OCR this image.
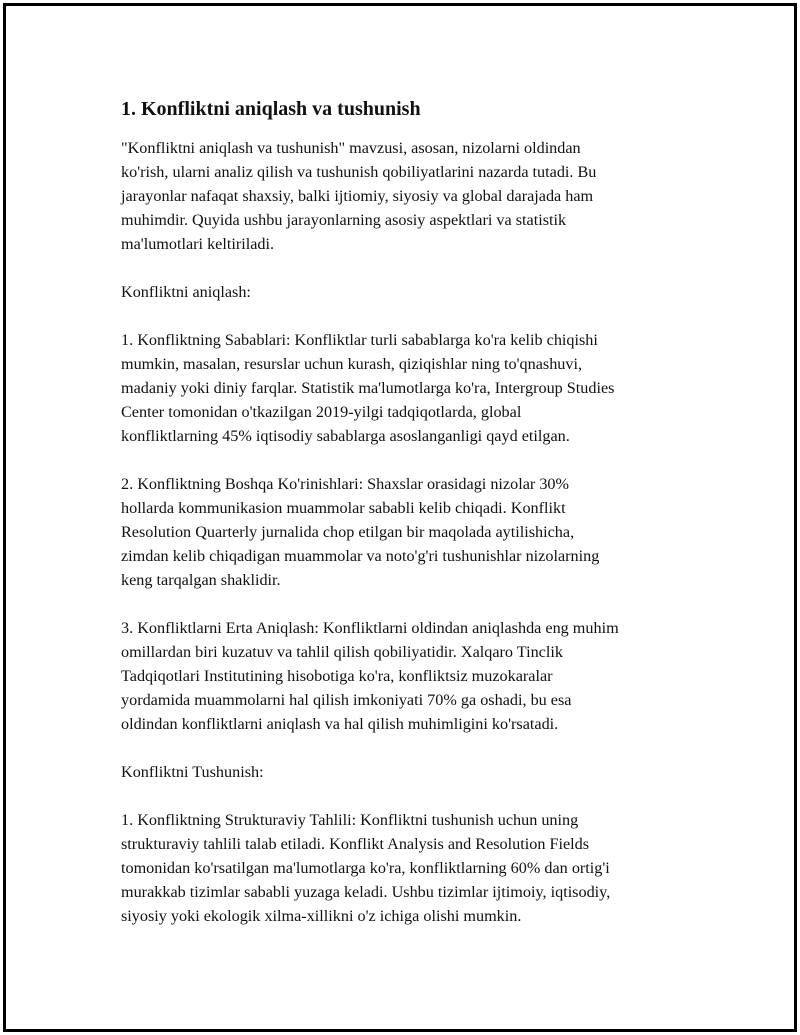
1. Konfliktni aniqlash va tushunish
"Konfliktni aniqlash va tushunish" mavzusi, asosan, nizolarni oldindan
ko'rish, ularni analiz qilish va tushunish qobiliyatlarini nazarda tutadi. Bu
jarayonlar nafaqat shaxsiy, balki ijtiomiy, siyosiy va global darajada ham
muhimdir. Quyida ushbu jarayonlarning asosiy aspektlari va statistik
ma'lumotlari keltiriladi.
Konfliktni aniqlash:
1. Konfliktning Sabablari: Konfliktlar turli sabablarga ko'ra kelib chiqishi
mumkin, masalan, resurslar uchun kurash, qiziqishlar ning to'qnashuvi,
madaniy yoki diniy farqlar. Statistik ma'lumotlarga ko'ra, Intergroup Studies
Center tomonidan o'tkazilgan 2019-yilgi tadqiqotlarda, global
konfliktlarning 45% iqtisodiy sabablarga asoslanganligi qayd etilgan.
2. Konfliktning Boshqa Ko'rinishlari: Shaxslar orasidagi nizolar 30%
hollarda kommunikasion muammolar sababli kelib chiqadi. Konflikt
Resolution Quarterly jurnalida chop etilgan bir maqolada aytilishicha,
zimdan kelib chiqadigan muammolar va noto'g'ri tushunishlar nizolarning
keng tarqalgan shaklidir.
3. Konfliktlarni Erta Aniqlash: Konfliktlarni oldindan aniqlashda eng muhim
omillardan biri kuzatuv va tahlil qilish qobiliyatidir. Xalqaro Tinclik
Tadqiqotlari Institutining hisobotiga ko'ra, konfliktsiz muzokaralar
yordamida muammolarni hal qilish imkoniyati 70% ga oshadi, bu esa
oldindan konfliktlarni aniqlash va hal qilish muhimligini ko'rsatadi.
Konfliktni Tushunish:
1. Konfliktning Strukturaviy Tahlili: Konfliktni tushunish uchun uning
strukturaviy tahlili talab etiladi. Konflikt Analysis and Resolution Fields
tomonidan ko'rsatilgan ma'lumotlarga ko'ra, konfliktlarning 60% dan ortig'i
murakkab tizimlar sababli yuzaga keladi. Ushbu tizimlar ijtimoiy, iqtisodiy,
siyosiy yoki ekologik xilma-xillikni o'z ichiga olishi mumkin.
